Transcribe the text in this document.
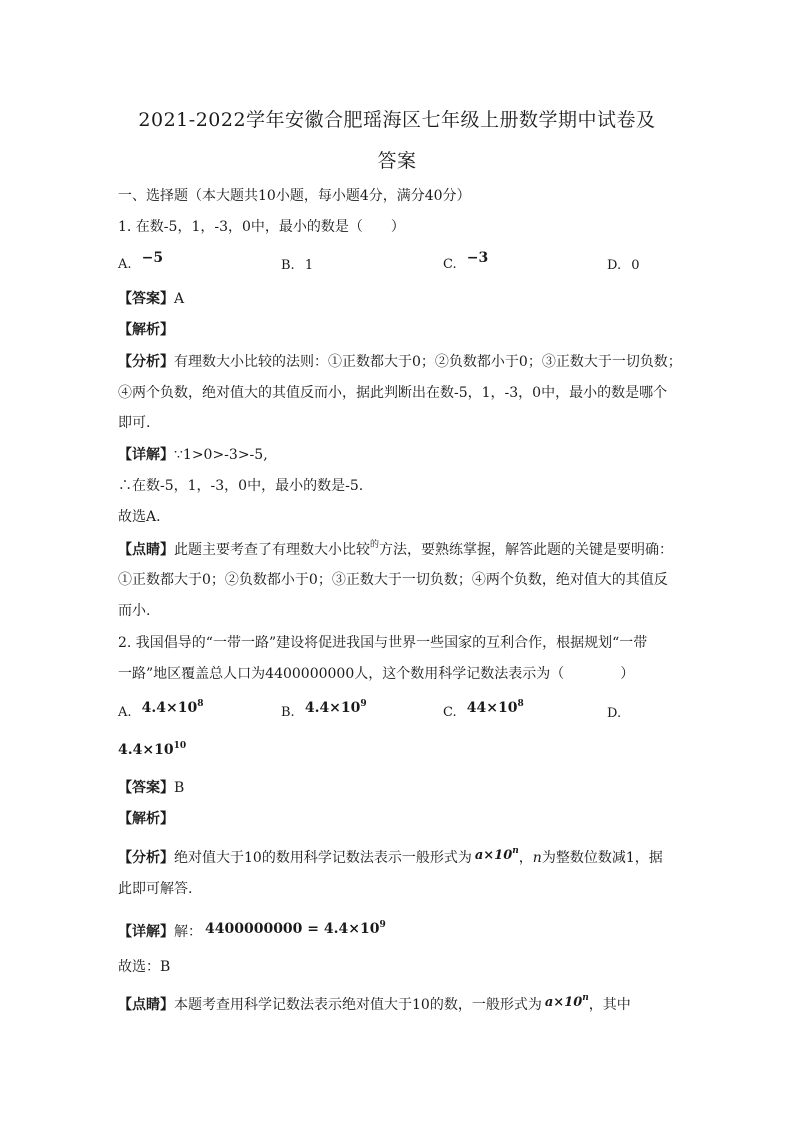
2021-2022学年安徽合肥瑶海区七年级上册数学期中试卷及
答案
一、选择题（本大题共10小题，每小题4分，满分40分）
1. 在数-5，1，-3，0中，最小的数是（　　）
A. −5	B. 1	C. −3	D. 0
【答案】A
【解析】
【分析】有理数大小比较的法则：①正数都大于0；②负数都小于0；③正数大于一切负数；
④两个负数，绝对值大的其值反而小，据此判断出在数-5，1，-3，0中，最小的数是哪个
即可.
【详解】∵1>0>-3>-5,
∴在数-5，1，-3，0中，最小的数是-5.
故选A.
【点睛】此题主要考查了有理数大小比较$^的$方法，要熟练掌握，解答此题的关键是要明确：
①正数都大于0；②负数都小于0；③正数大于一切负数；④两个负数，绝对值大的其值反
而小.
2. 我国倡导的“一带一路”建设将促进我国与世界一些国家的互利合作，根据规划“一带
一路”地区覆盖总人口为4400000000人，这个数用科学记数法表示为（　　　　）
A. $4.4\times 10^8$
B. $4.4\times 10^9$
C. $44\times 10^8$
D.
$4.4\times 10^{10}$
【答案】B
【解析】
【分析】绝对值大于10的数用科学记数法表示一般形式为 $a\times 10^n$，n为整数位数减1，据
此即可解答.
【详解】解： $4400000000 = 4.4\times 10^9$
故选：B
【点睛】本题考查用科学记数法表示绝对值大于10的数，一般形式为 $a\times 10^n$，其中
